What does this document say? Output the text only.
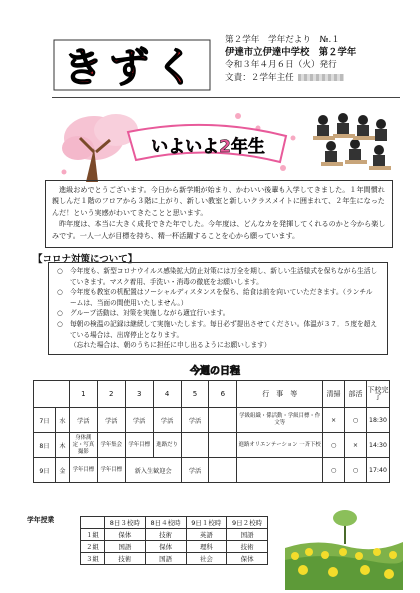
きずく
第２学年　学年だより　№.１
伊達市立伊達中学校　第２学年
令和３年４月６日（火）発行
文責：２学年主任
いよいよ2年生

進級おめでとうございます。今日から新学期が始まり、かわいい後輩も入学してきました。１年間慣れ親しんだ１階のフロアから３階に上がり、新しい教室と新しいクラスメイトに囲まれて、２年生になったんだ！という実感がわいてきたことと思います。

昨年度は、本当に大きく成長できた年でした。今年度は、どんなカを発揮してくれるのかと今から楽しみです。一人一人が目標を持ち、精一杯活躍することを心から願っています。

【コロナ対策について】
○ 今年度も、新型コロナウイルス感染拡大防止対策には万全を期し、新しい生活様式を保ちながら生活していきます。マスク着用、手洗い・消毒の徹底をお願いします。
○ 今年度も教室の机配置はソーシャルディスタンスを保ち、給食は前を向いていただきます。（ランチルームは、当面の間使用いたしません。）
○ グループ活動は、対策を実施しながら適宜行います。
○ 毎朝の検温の記録は継続して実施いたします。毎日必ず提出させてください。体温が３７．５度を超えている場合は、出席停止となります。
（忘れた場合は、朝のうちに担任に申し出るようにお願いします）
今週の日程
		1	2	3	4	5	6	行　事　等	清掃	部活	下校完了
7日	水	学活	学活	学活	学活	学活		学級組織・係活動・学級目標・作文等	×	○	18:30
8日	木	身体測定・写真撮影	学年集会	学年目標	進路だり			進路オリエンテーション 一斉下校	○	×	14:30
9日	金	学年目標	学年目標	新入生歓迎会		学活			○	○	17:40
学年授業
		8日３校時	8日４校時	9日１校時	9日２校時
１組	保体	技術	英語	国語
２組	国語	保体	理科	技術
３組	技術	国語	社会	保体
